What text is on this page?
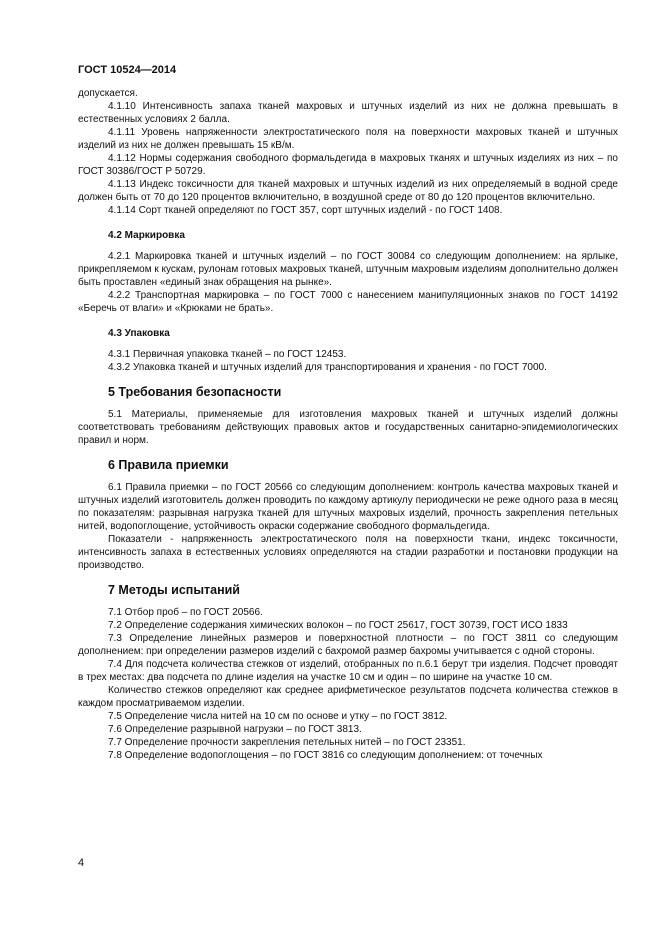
ГОСТ 10524—2014

допускается.

4.1.10 Интенсивность запаха тканей махровых и штучных изделий из них не должна превышать в естественных условиях 2 балла.

4.1.11 Уровень напряженности электростатического поля на поверхности махровых тканей и штучных изделий из них не должен превышать 15 кВ/м.

4.1.12 Нормы содержания свободного формальдегида в махровых тканях и штучных изделиях из них – по ГОСТ 30386/ГОСТ Р 50729.

4.1.13 Индекс токсичности для тканей махровых и штучных изделий из них определяемый в водной среде должен быть от 70 до 120 процентов включительно, в воздушной среде от 80 до 120 процентов включительно.

4.1.14 Сорт тканей определяют по ГОСТ 357, сорт штучных изделий - по ГОСТ 1408.

4.2 Маркировка

4.2.1 Маркировка тканей и штучных изделий – по ГОСТ 30084 со следующим дополнением: на ярлыке, прикрепляемом к кускам, рулонам готовых махровых тканей, штучным махровым изделиям дополнительно должен быть проставлен «единый знак обращения на рынке».

4.2.2 Транспортная маркировка – по ГОСТ 7000 с нанесением манипуляционных знаков по ГОСТ 14192 «Беречь от влаги» и «Крюками не брать».

4.3 Упаковка

4.3.1 Первичная упаковка тканей – по ГОСТ 12453.

4.3.2 Упаковка тканей и штучных изделий для транспортирования и хранения - по ГОСТ 7000.

5 Требования безопасности

5.1 Материалы, применяемые для изготовления махровых тканей и штучных изделий должны соответствовать требованиям действующих правовых актов и государственных санитарно-эпидемиологических правил и норм.

6 Правила приемки

6.1 Правила приемки – по ГОСТ 20566 со следующим дополнением: контроль качества махровых тканей и штучных изделий изготовитель должен проводить по каждому артикулу периодически не реже одного раза в месяц по показателям: разрывная нагрузка тканей для штучных махровых изделий, прочность закрепления петельных нитей, водопоглощение, устойчивость окраски содержание свободного формальдегида.

Показатели - напряженность электростатического поля на поверхности ткани, индекс токсичности, интенсивность запаха в естественных условиях определяются на стадии разработки и постановки продукции на производство.

7 Методы испытаний

7.1 Отбор проб – по ГОСТ 20566.

7.2 Определение содержания химических волокон – по ГОСТ 25617, ГОСТ 30739, ГОСТ ИСО 1833

7.3 Определение линейных размеров и поверхностной плотности – по ГОСТ 3811 со следующим дополнением: при определении размеров изделий с бахромой размер бахромы учитывается с одной стороны.

7.4 Для подсчета количества стежков от изделий, отобранных по п.6.1 берут три изделия. Подсчет проводят в трех местах: два подсчета по длине изделия на участке 10 см и один – по ширине на участке 10 см.

Количество стежков определяют как среднее арифметическое результатов подсчета количества стежков в каждом просматриваемом изделии.

7.5 Определение числа нитей на 10 см по основе и утку – по ГОСТ 3812.

7.6 Определение разрывной нагрузки – по ГОСТ 3813.

7.7 Определение прочности закрепления петельных нитей – по ГОСТ 23351.

7.8 Определение водопоглощения – по ГОСТ 3816 со следующим дополнением: от точечных

4
